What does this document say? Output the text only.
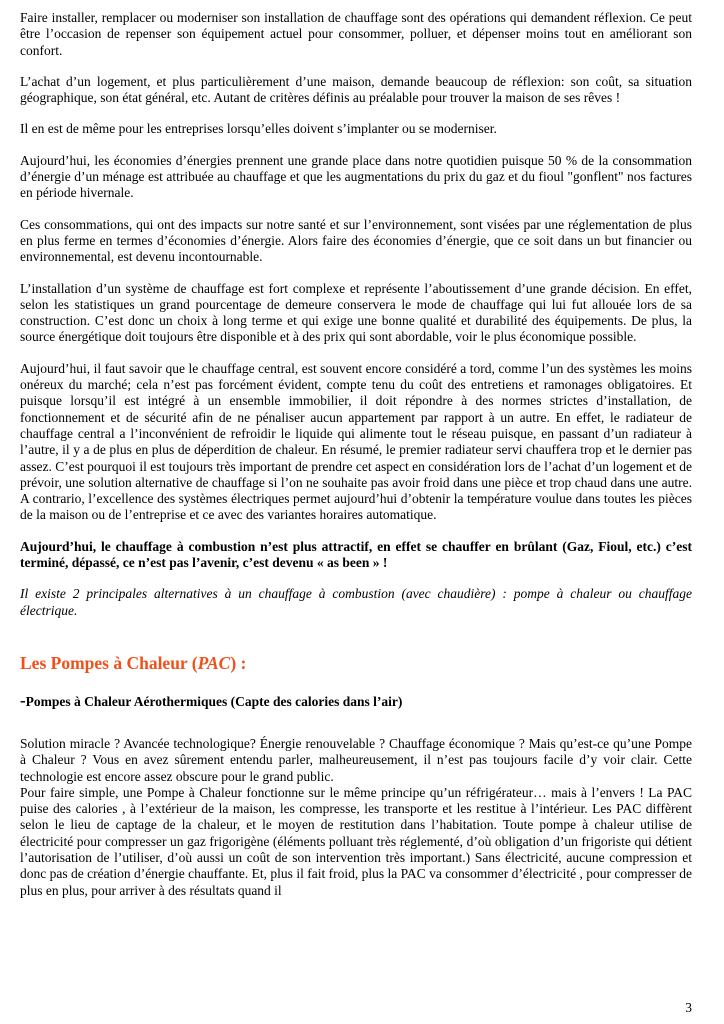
Faire installer, remplacer ou moderniser son installation de chauffage sont des opérations qui demandent réflexion. Ce peut être l’occasion de repenser son équipement actuel pour consommer, polluer, et dépenser moins tout en améliorant son confort.

L’achat d’un logement, et plus particulièrement d’une maison, demande beaucoup de réflexion: son coût, sa situation géographique, son état général, etc. Autant de critères définis au préalable pour trouver la maison de ses rêves !

Il en est de même pour les entreprises lorsqu’elles doivent s’implanter ou se moderniser.

Aujourd’hui, les économies d’énergies prennent une grande place dans notre quotidien puisque 50 % de la consommation d’énergie d’un ménage est attribuée au chauffage et que les augmentations du prix du gaz et du fioul "gonflent" nos factures en période hivernale.

Ces consommations, qui ont des impacts sur notre santé et sur l’environnement, sont visées par une réglementation de plus en plus ferme en termes d’économies d’énergie. Alors faire des économies d’énergie, que ce soit dans un but financier ou environnemental, est devenu incontournable.

L’installation d’un système de chauffage est fort complexe et représente l’aboutissement d’une grande décision. En effet, selon les statistiques un grand pourcentage de demeure conservera le mode de chauffage qui lui fut allouée lors de sa construction. C’est donc un choix à long terme et qui exige une bonne qualité et durabilité des équipements. De plus, la source énergétique doit toujours être disponible et à des prix qui sont abordable, voir le plus économique possible.

Aujourd’hui, il faut savoir que le chauffage central, est souvent encore considéré a tord, comme l’un des systèmes les moins onéreux du marché; cela n’est pas forcément évident, compte tenu du coût des entretiens et ramonages obligatoires. Et puisque lorsqu’il est intégré à un ensemble immobilier, il doit répondre à des normes strictes d’installation, de fonctionnement et de sécurité afin de ne pénaliser aucun appartement par rapport à un autre. En effet, le radiateur de chauffage central a l’inconvénient de refroidir le liquide qui alimente tout le réseau puisque, en passant d’un radiateur à l’autre, il y a de plus en plus de déperdition de chaleur. En résumé, le premier radiateur servi chauffera trop et le dernier pas assez. C’est pourquoi il est toujours très important de prendre cet aspect en considération lors de l’achat d’un logement et de prévoir, une solution alternative de chauffage si l’on ne souhaite pas avoir froid dans une pièce et trop chaud dans une autre. A contrario, l’excellence des systèmes électriques permet aujourd’hui d’obtenir la température voulue dans toutes les pièces de la maison ou de l’entreprise et ce avec des variantes horaires automatique.

Aujourd’hui, le chauffage à combustion n’est plus attractif, en effet se chauffer en brûlant (Gaz, Fioul, etc.) c’est terminé, dépassé, ce n’est pas l’avenir, c’est devenu « as been » !

Il existe 2 principales alternatives à un chauffage à combustion (avec chaudière) : pompe à chaleur ou chauffage électrique.

Les Pompes à Chaleur (PAC) :
-Pompes à Chaleur Aérothermiques (Capte des calories dans l’air)

Solution miracle ? Avancée technologique? Énergie renouvelable ? Chauffage économique ? Mais qu’est-ce qu’une Pompe à Chaleur ? Vous en avez sûrement entendu parler, malheureusement, il n’est pas toujours facile d’y voir clair. Cette technologie est encore assez obscure pour le grand public.

Pour faire simple, une Pompe à Chaleur fonctionne sur le même principe qu’un réfrigérateur… mais à l’envers ! La PAC puise des calories , à l’extérieur de la maison, les compresse, les transporte et les restitue à l’intérieur. Les PAC diffèrent selon le lieu de captage de la chaleur, et le moyen de restitution dans l’habitation. Toute pompe à chaleur utilise de électricité pour compresser un gaz frigorigène (éléments polluant très réglementé, d’où obligation d’un frigoriste qui détient l’autorisation de l’utiliser, d’où aussi un coût de son intervention très important.) Sans électricité, aucune compression et donc pas de création d’énergie chauffante. Et, plus il fait froid, plus la PAC va consommer d’électricité , pour compresser de plus en plus, pour arriver à des résultats quand il

3
